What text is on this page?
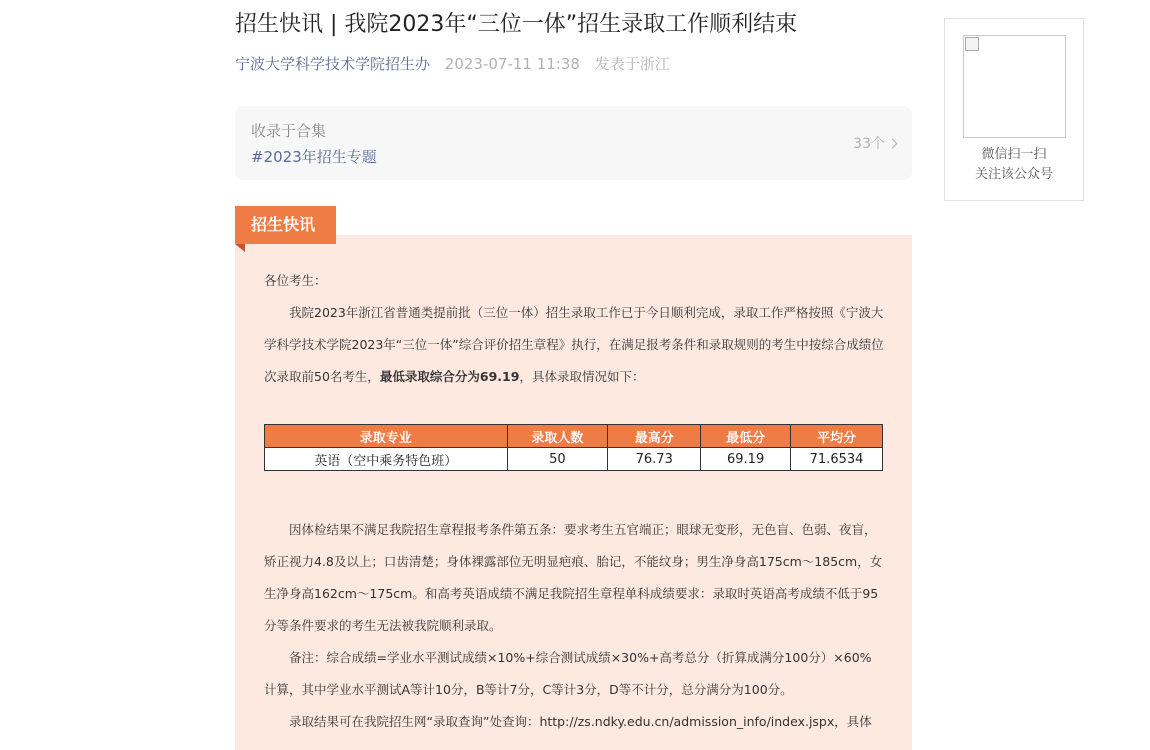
招生快讯 | 我院2023年“三位一体”招生录取工作顺利结束
宁波大学科学技术学院招生办 2023-07-11 11:38 发表于浙江
收录于合集
#2023年招生专题
33个
招生快讯

各位考生：

我院2023年浙江省普通类提前批（三位一体）招生录取工作已于今日顺利完成，录取工作严格按照《宁波大学科学技术学院2023年“三位一体”综合评价招生章程》执行，在满足报考条件和录取规则的考生中按综合成绩位次录取前50名考生，最低录取综合分为69.19，具体录取情况如下：

录取专业	录取人数	最高分	最低分	平均分
英语（空中乘务特色班）	50	76.73	69.19	71.6534

因体检结果不满足我院招生章程报考条件第五条：要求考生五官端正；眼球无变形，无色盲、色弱、夜盲，矫正视力4.8及以上；口齿清楚；身体裸露部位无明显疤痕、胎记，不能纹身；男生净身高175cm～185cm，女生净身高162cm～175cm。和高考英语成绩不满足我院招生章程单科成绩要求：录取时英语高考成绩不低于95分等条件要求的考生无法被我院顺利录取。

备注：综合成绩=学业水平测试成绩×10%+综合测试成绩×30%+高考总分（折算成满分100分）×60%计算，其中学业水平测试A等计10分，B等计7分，C等计3分，D等不计分，总分满分为100分。

录取结果可在我院招生网“录取查询”处查询：http://zs.ndky.edu.cn/admission_info/index.jspx，具体

微信扫一扫
关注该公众号
